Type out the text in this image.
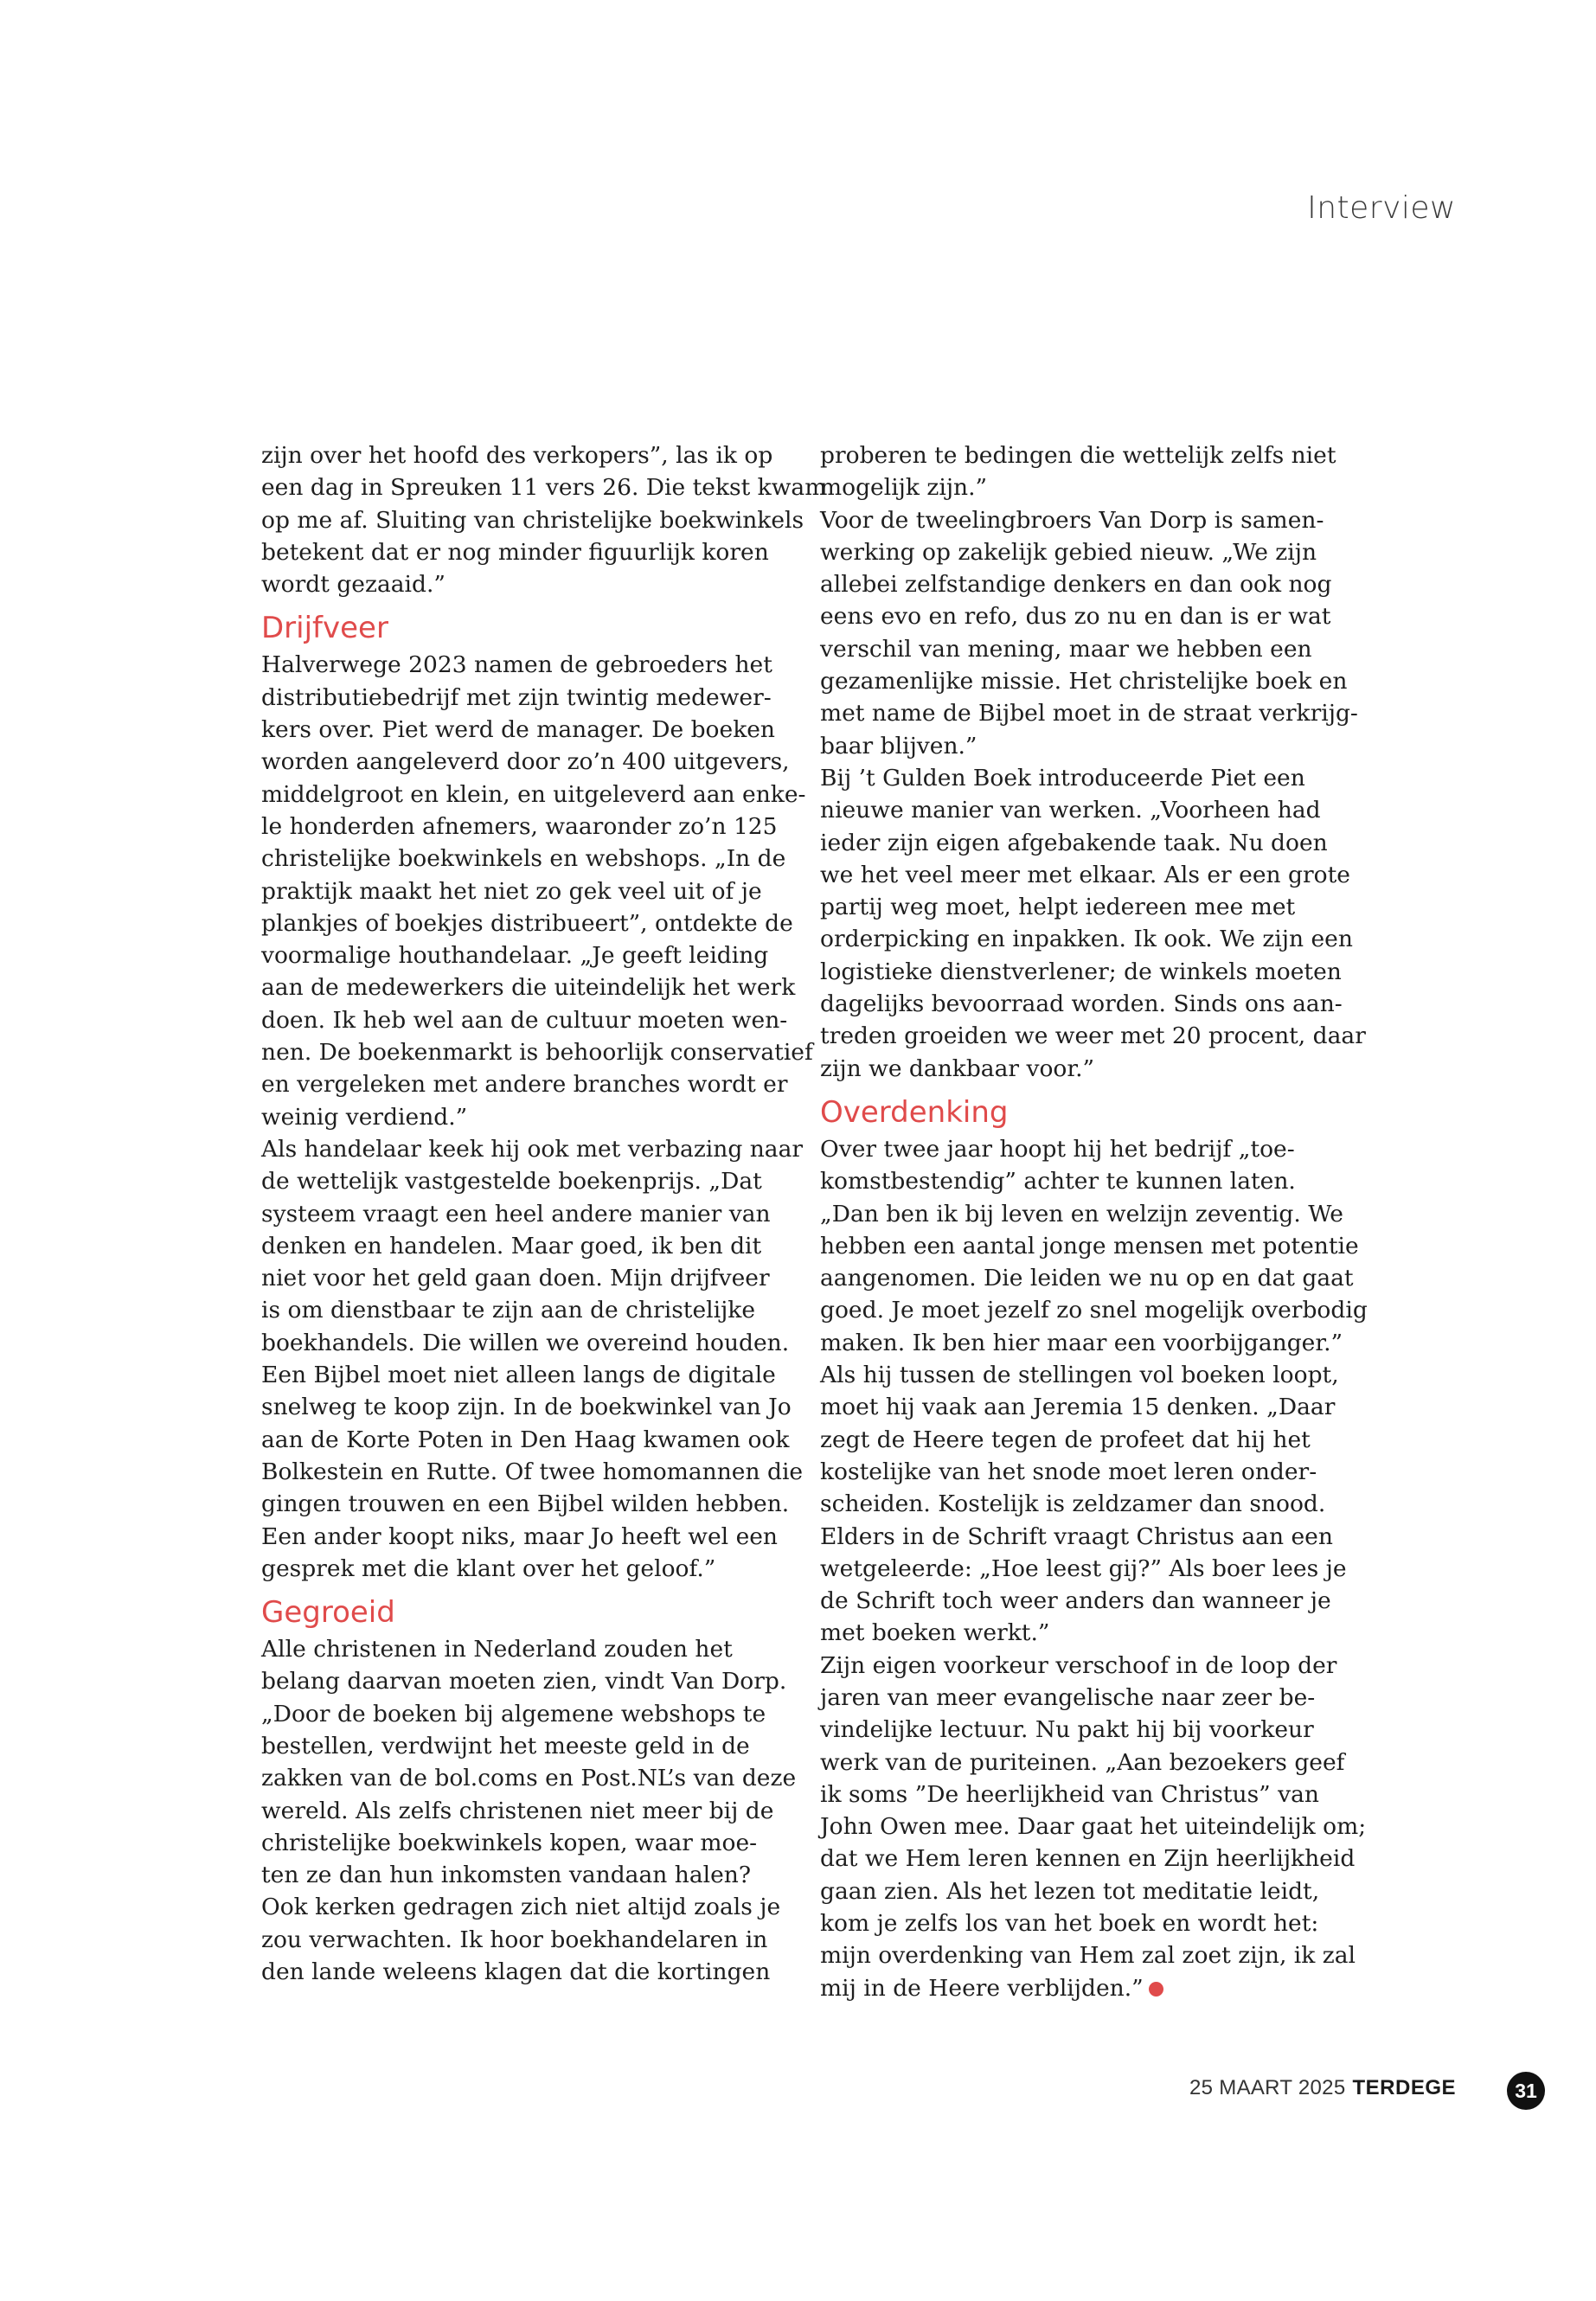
Interview
zijn over het hoofd des verkopers”, las ik op
een dag in Spreuken 11 vers 26. Die tekst kwam
op me af. Sluiting van christelijke boekwinkels
betekent dat er nog minder figuurlijk koren
wordt gezaaid.”
Drijfveer
Halverwege 2023 namen de gebroeders het
distributiebedrijf met zijn twintig medewer-
kers over. Piet werd de manager. De boeken
worden aangeleverd door zo’n 400 uitgevers,
middelgroot en klein, en uitgeleverd aan enke-
le honderden afnemers, waaronder zo’n 125
christelijke boekwinkels en webshops. „In de
praktijk maakt het niet zo gek veel uit of je
plankjes of boekjes distribueert”, ontdekte de
voormalige houthandelaar. „Je geeft leiding
aan de medewerkers die uiteindelijk het werk
doen. Ik heb wel aan de cultuur moeten wen-
nen. De boekenmarkt is behoorlijk conservatief
en vergeleken met andere branches wordt er
weinig verdiend.”
Als handelaar keek hij ook met verbazing naar
de wettelijk vastgestelde boekenprijs. „Dat
systeem vraagt een heel andere manier van
denken en handelen. Maar goed, ik ben dit
niet voor het geld gaan doen. Mijn drijfveer
is om dienstbaar te zijn aan de christelijke
boekhandels. Die willen we overeind houden.
Een Bijbel moet niet alleen langs de digitale
snelweg te koop zijn. In de boekwinkel van Jo
aan de Korte Poten in Den Haag kwamen ook
Bolkestein en Rutte. Of twee homomannen die
gingen trouwen en een Bijbel wilden hebben.
Een ander koopt niks, maar Jo heeft wel een
gesprek met die klant over het geloof.”
Gegroeid
Alle christenen in Nederland zouden het
belang daarvan moeten zien, vindt Van Dorp.
„Door de boeken bij algemene webshops te
bestellen, verdwijnt het meeste geld in de
zakken van de bol.coms en Post.NL’s van deze
wereld. Als zelfs christenen niet meer bij de
christelijke boekwinkels kopen, waar moe-
ten ze dan hun inkomsten vandaan halen?
Ook kerken gedragen zich niet altijd zoals je
zou verwachten. Ik hoor boekhandelaren in
den lande weleens klagen dat die kortingen
proberen te bedingen die wettelijk zelfs niet
mogelijk zijn.”
Voor de tweelingbroers Van Dorp is samen-
werking op zakelijk gebied nieuw. „We zijn
allebei zelfstandige denkers en dan ook nog
eens evo en refo, dus zo nu en dan is er wat
verschil van mening, maar we hebben een
gezamenlijke missie. Het christelijke boek en
met name de Bijbel moet in de straat verkrijg-
baar blijven.”
Bij ’t Gulden Boek introduceerde Piet een
nieuwe manier van werken. „Voorheen had
ieder zijn eigen afgebakende taak. Nu doen
we het veel meer met elkaar. Als er een grote
partij weg moet, helpt iedereen mee met
orderpicking en inpakken. Ik ook. We zijn een
logistieke dienstverlener; de winkels moeten
dagelijks bevoorraad worden. Sinds ons aan-
treden groeiden we weer met 20 procent, daar
zijn we dankbaar voor.”
Overdenking
Over twee jaar hoopt hij het bedrijf „toe-
komstbestendig” achter te kunnen laten.
„Dan ben ik bij leven en welzijn zeventig. We
hebben een aantal jonge mensen met potentie
aangenomen. Die leiden we nu op en dat gaat
goed. Je moet jezelf zo snel mogelijk overbodig
maken. Ik ben hier maar een voorbijganger.”
Als hij tussen de stellingen vol boeken loopt,
moet hij vaak aan Jeremia 15 denken. „Daar
zegt de Heere tegen de profeet dat hij het
kostelijke van het snode moet leren onder-
scheiden. Kostelijk is zeldzamer dan snood.
Elders in de Schrift vraagt Christus aan een
wetgeleerde: „Hoe leest gij?” Als boer lees je
de Schrift toch weer anders dan wanneer je
met boeken werkt.”
Zijn eigen voorkeur verschoof in de loop der
jaren van meer evangelische naar zeer be-
vindelijke lectuur. Nu pakt hij bij voorkeur
werk van de puriteinen. „Aan bezoekers geef
ik soms ”De heerlijkheid van Christus” van
John Owen mee. Daar gaat het uiteindelijk om;
dat we Hem leren kennen en Zijn heerlijkheid
gaan zien. Als het lezen tot meditatie leidt,
kom je zelfs los van het boek en wordt het:
mijn overdenking van Hem zal zoet zijn, ik zal
mij in de Heere verblijden.”
25 MAART 2025 TERDEGE	31
